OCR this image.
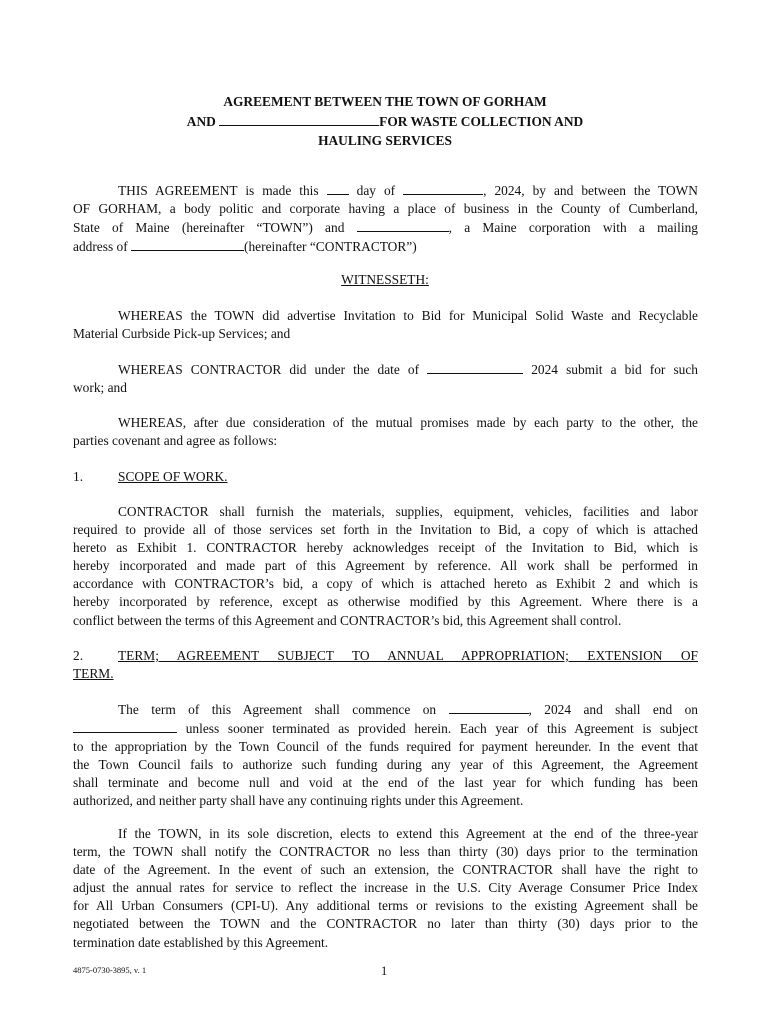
AGREEMENT BETWEEN THE TOWN OF GORHAM
AND	FOR WASTE COLLECTION AND
HAULING SERVICES

THIS AGREEMENT is made this	day of	, 2024, by and between the TOWN
OF GORHAM, a body politic and corporate having a place of business in the County of Cumberland,
State of Maine (hereinafter “TOWN”) and	, a Maine corporation with a mailing
address of	(hereinafter “CONTRACTOR”)

WITNESSETH:

WHEREAS the TOWN did advertise Invitation to Bid for Municipal Solid Waste and Recyclable
Material Curbside Pick-up Services; and

WHEREAS CONTRACTOR did under the date of	2024 submit a bid for such
work; and

WHEREAS, after due consideration of the mutual promises made by each party to the other, the
parties covenant and agree as follows:

1.	SCOPE OF WORK.

CONTRACTOR shall furnish the materials, supplies, equipment, vehicles, facilities and labor
required to provide all of those services set forth in the Invitation to Bid, a copy of which is attached
hereto as Exhibit 1. CONTRACTOR hereby acknowledges receipt of the Invitation to Bid, which is
hereby incorporated and made part of this Agreement by reference. All work shall be performed in
accordance with CONTRACTOR’s bid, a copy of which is attached hereto as Exhibit 2 and which is
hereby incorporated by reference, except as otherwise modified by this Agreement. Where there is a
conflict between the terms of this Agreement and CONTRACTOR’s bid, this Agreement shall control.

2.	TERM; AGREEMENT SUBJECT TO ANNUAL APPROPRIATION; EXTENSION OF
TERM.

The term of this Agreement shall commence on	, 2024 and shall end on
unless sooner terminated as provided herein. Each year of this Agreement is subject
to the appropriation by the Town Council of the funds required for payment hereunder. In the event that
the Town Council fails to authorize such funding during any year of this Agreement, the Agreement
shall terminate and become null and void at the end of the last year for which funding has been
authorized, and neither party shall have any continuing rights under this Agreement.

If the TOWN, in its sole discretion, elects to extend this Agreement at the end of the three-year
term, the TOWN shall notify the CONTRACTOR no less than thirty (30) days prior to the termination
date of the Agreement. In the event of such an extension, the CONTRACTOR shall have the right to
adjust the annual rates for service to reflect the increase in the U.S. City Average Consumer Price Index
for All Urban Consumers (CPI-U). Any additional terms or revisions to the existing Agreement shall be
negotiated between the TOWN and the CONTRACTOR no later than thirty (30) days prior to the
termination date established by this Agreement.

4875-0730-3895, v. 1	1
